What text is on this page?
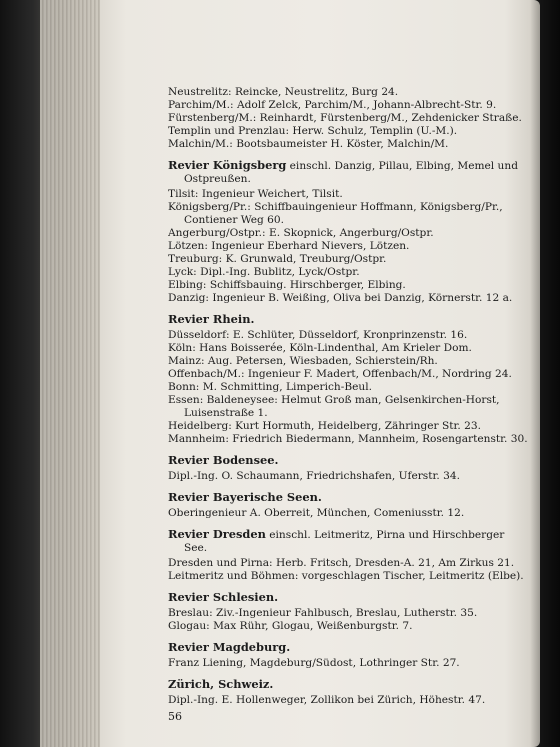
Neustrelitz: Reincke, Neustrelitz, Burg 24.
Parchim/M.: Adolf Zelck, Parchim/M., Johann-Albrecht-Str. 9.
Fürstenberg/M.: Reinhardt, Fürstenberg/M., Zehdenicker Straße.
Templin und Prenzlau: Herw. Schulz, Templin (U.-M.).
Malchin/M.: Bootsbaumeister H. Köster, Malchin/M.
Revier Königsberg einschl. Danzig, Pillau, Elbing, Memel und Ostpreußen.
Tilsit: Ingenieur Weichert, Tilsit.
Königsberg/Pr.: Schiffbauingenieur Hoffmann, Königsberg/Pr., Contiener Weg 60.
Angerburg/Ostpr.: E. Skopnick, Angerburg/Ostpr.
Lötzen: Ingenieur Eberhard Nievers, Lötzen.
Treuburg: K. Grunwald, Treuburg/Ostpr.
Lyck: Dipl.-Ing. Bublitz, Lyck/Ostpr.
Elbing: Schiffsbauing. Hirschberger, Elbing.
Danzig: Ingenieur B. Weißing, Oliva bei Danzig, Körnerstr. 12 a.
Revier Rhein.
Düsseldorf: E. Schlüter, Düsseldorf, Kronprinzenstr. 16.
Köln: Hans Boisserée, Köln-Lindenthal, Am Krieler Dom.
Mainz: Aug. Petersen, Wiesbaden, Schierstein/Rh.
Offenbach/M.: Ingenieur F. Madert, Offenbach/M., Nordring 24.
Bonn: M. Schmitting, Limperich-Beul.
Essen: Baldeneysee: Helmut Groß man, Gelsenkirchen-Horst, Luisenstraße 1.
Heidelberg: Kurt Hormuth, Heidelberg, Zähringer Str. 23.
Mannheim: Friedrich Biedermann, Mannheim, Rosengartenstr. 30.
Revier Bodensee.
Dipl.-Ing. O. Schaumann, Friedrichshafen, Uferstr. 34.
Revier Bayerische Seen.
Oberingenieur A. Oberreit, München, Comeniusstr. 12.
Revier Dresden einschl. Leitmeritz, Pirna und Hirschberger See.
Dresden und Pirna: Herb. Fritsch, Dresden-A. 21, Am Zirkus 21.
Leitmeritz und Böhmen: vorgeschlagen Tischer, Leitmeritz (Elbe).
Revier Schlesien.
Breslau: Ziv.-Ingenieur Fahlbusch, Breslau, Lutherstr. 35.
Glogau: Max Rühr, Glogau, Weißenburgstr. 7.
Revier Magdeburg.
Franz Liening, Magdeburg/Südost, Lothringer Str. 27.
Zürich, Schweiz.
Dipl.-Ing. E. Hollenweger, Zollikon bei Zürich, Höhestr. 47.
56
